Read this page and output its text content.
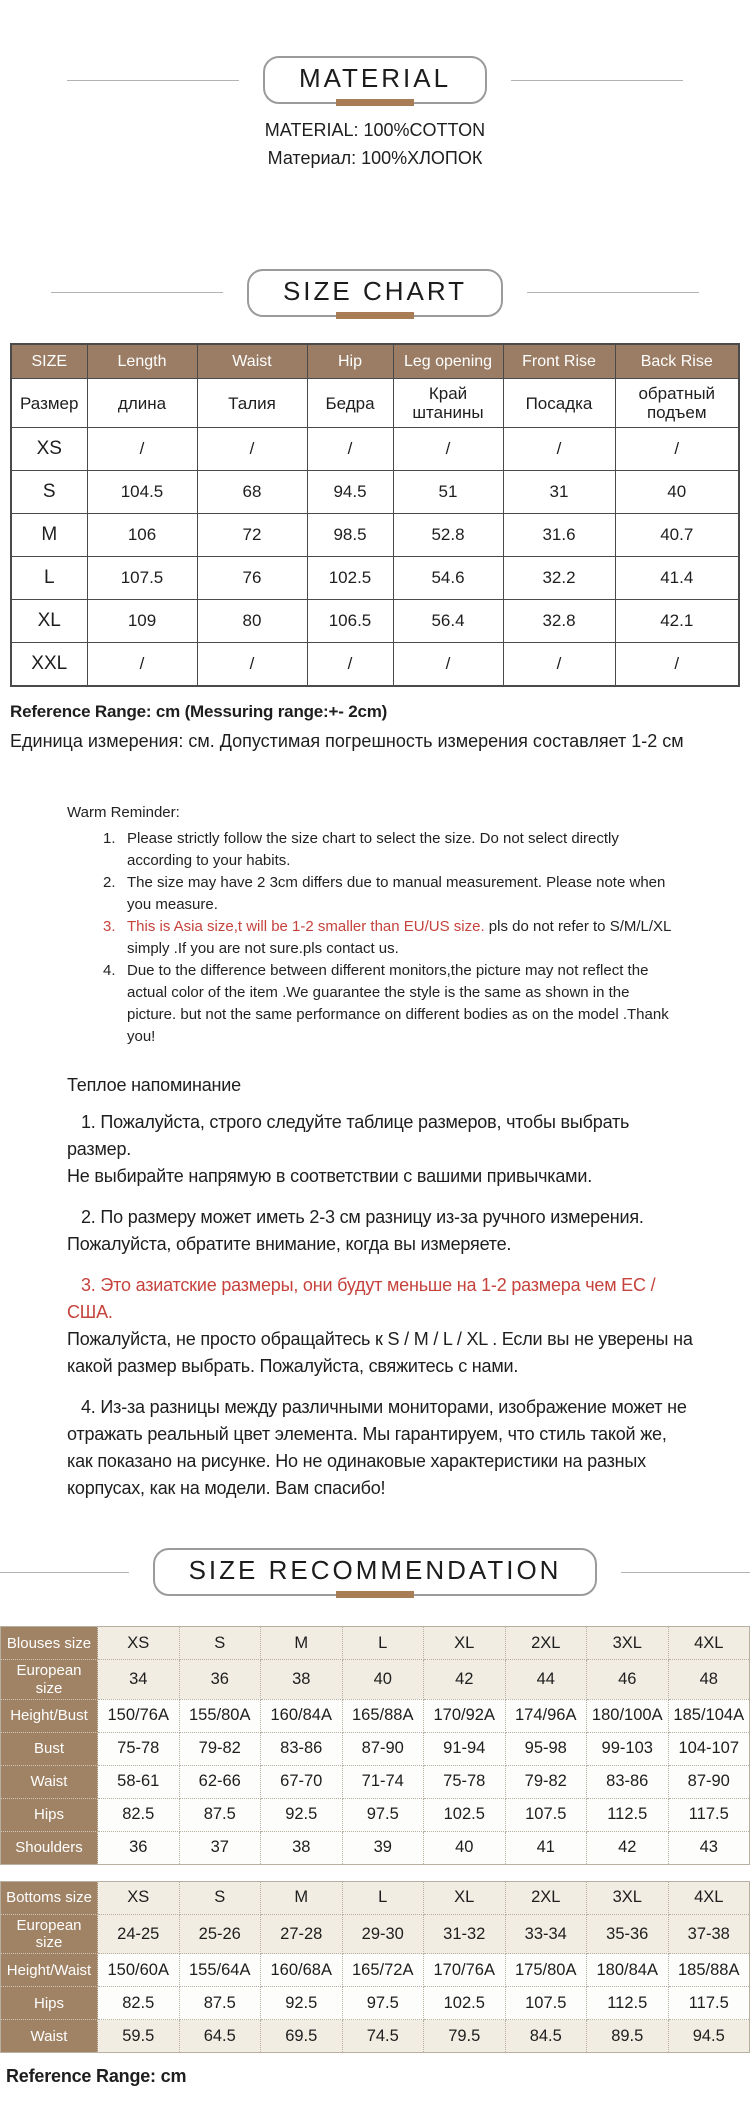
MATERIAL
MATERIAL: 100%COTTON
Материал: 100%ХЛОПОК
SIZE CHART
SIZE	Length	Waist	Hip	Leg opening	Front Rise	Back Rise
Размер	длина	Талия	Бедра	Край штанины	Посадка	обратный подъем
XS	/	/	/	/	/	/
S	104.5	68	94.5	51	31	40
M	106	72	98.5	52.8	31.6	40.7
L	107.5	76	102.5	54.6	32.2	41.4
XL	109	80	106.5	56.4	32.8	42.1
XXL	/	/	/	/	/	/
Reference Range: cm (Messuring range:+- 2cm)
Единица измерения: см. Допустимая погрешность измерения составляет 1-2 см
Warm Reminder:
1. Please strictly follow the size chart to select the size. Do not select directly according to your habits.
2. The size may have 2 3cm differs due to manual measurement. Please note when you measure.
3. This is Asia size,t will be 1-2 smaller than EU/US size. pls do not refer to S/M/L/XL simply .If you are not sure.pls contact us.
4. Due to the difference between different monitors,the picture may not reflect the actual color of the item .We guarantee the style is the same as shown in the picture. but not the same performance on different bodies as on the model .Thank you!
Теплое напоминание

1. Пожалуйста, строго следуйте таблице размеров, чтобы выбрать размер.
Не выбирайте напрямую в соответствии с вашими привычками.

2. По размеру может иметь 2-3 см разницу из-за ручного измерения. Пожалуйста, обратите внимание, когда вы измеряете.

3. Это азиатские размеры, они будут меньше на 1-2 размера чем ЕС / США.
Пожалуйста, не просто обращайтесь к S / M / L / XL . Если вы не уверены на какой размер выбрать. Пожалуйста, свяжитесь с нами.

4. Из-за разницы между различными мониторами, изображение может не отражать реальный цвет элемента. Мы гарантируем, что стиль такой же, как показано на рисунке. Но не одинаковые характеристики на разных корпусах, как на модели. Вам спасибо!

SIZE RECOMMENDATION
Blouses size	XS	S	M	L	XL	2XL	3XL	4XL
European size	34	36	38	40	42	44	46	48
Height/Bust	150/76A	155/80A	160/84A	165/88A	170/92A	174/96A	180/100A	185/104A
Bust	75-78	79-82	83-86	87-90	91-94	95-98	99-103	104-107
Waist	58-61	62-66	67-70	71-74	75-78	79-82	83-86	87-90
Hips	82.5	87.5	92.5	97.5	102.5	107.5	112.5	117.5
Shoulders	36	37	38	39	40	41	42	43
Bottoms size	XS	S	M	L	XL	2XL	3XL	4XL
European size	24-25	25-26	27-28	29-30	31-32	33-34	35-36	37-38
Height/Waist	150/60A	155/64A	160/68A	165/72A	170/76A	175/80A	180/84A	185/88A
Hips	82.5	87.5	92.5	97.5	102.5	107.5	112.5	117.5
Waist	59.5	64.5	69.5	74.5	79.5	84.5	89.5	94.5
Reference Range: cm
